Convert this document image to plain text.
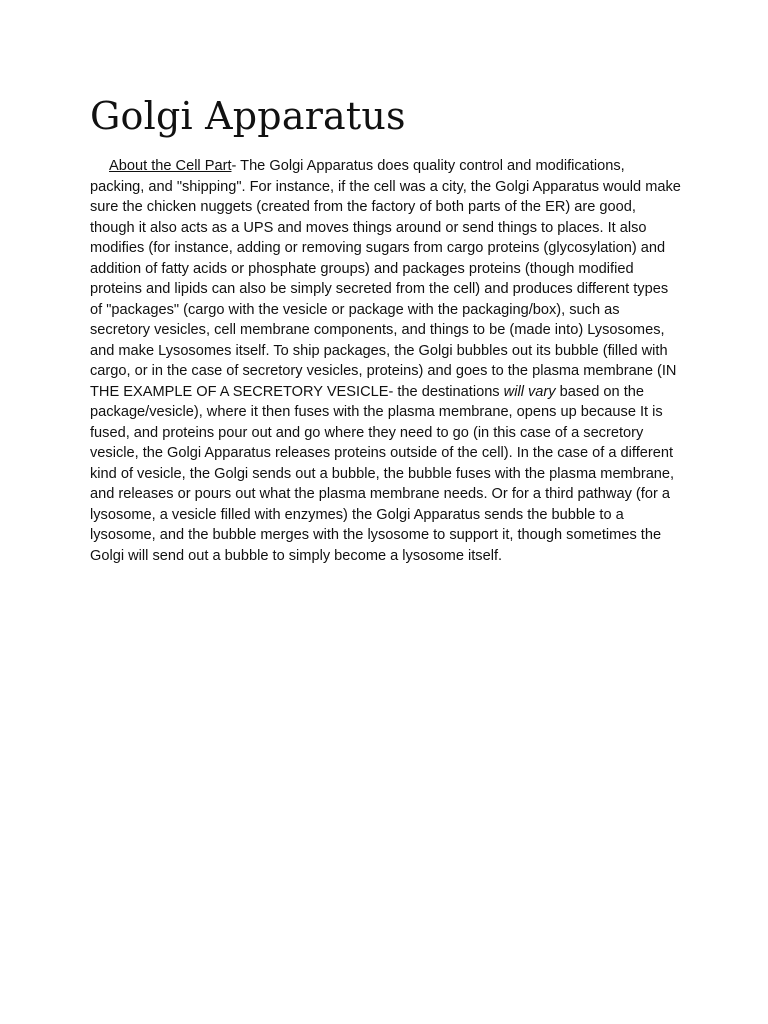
Golgi Apparatus

About the Cell Part- The Golgi Apparatus does quality control and modifications, packing, and "shipping". For instance, if the cell was a city, the Golgi Apparatus would make sure the chicken nuggets (created from the factory of both parts of the ER) are good, though it also acts as a UPS and moves things around or send things to places. It also modifies (for instance, adding or removing sugars from cargo proteins (glycosylation) and addition of fatty acids or phosphate groups) and packages proteins (though modified proteins and lipids can also be simply secreted from the cell) and produces different types of "packages" (cargo with the vesicle or package with the packaging/box), such as secretory vesicles, cell membrane components, and things to be (made into) Lysosomes, and make Lysosomes itself. To ship packages, the Golgi bubbles out its bubble (filled with cargo, or in the case of secretory vesicles, proteins) and goes to the plasma membrane (IN THE EXAMPLE OF A SECRETORY VESICLE- the destinations will vary based on the package/vesicle), where it then fuses with the plasma membrane, opens up because It is fused, and proteins pour out and go where they need to go (in this case of a secretory vesicle, the Golgi Apparatus releases proteins outside of the cell). In the case of a different kind of vesicle, the Golgi sends out a bubble, the bubble fuses with the plasma membrane, and releases or pours out what the plasma membrane needs. Or for a third pathway (for a lysosome, a vesicle filled with enzymes) the Golgi Apparatus sends the bubble to a lysosome, and the bubble merges with the lysosome to support it, though sometimes the Golgi will send out a bubble to simply become a lysosome itself.
